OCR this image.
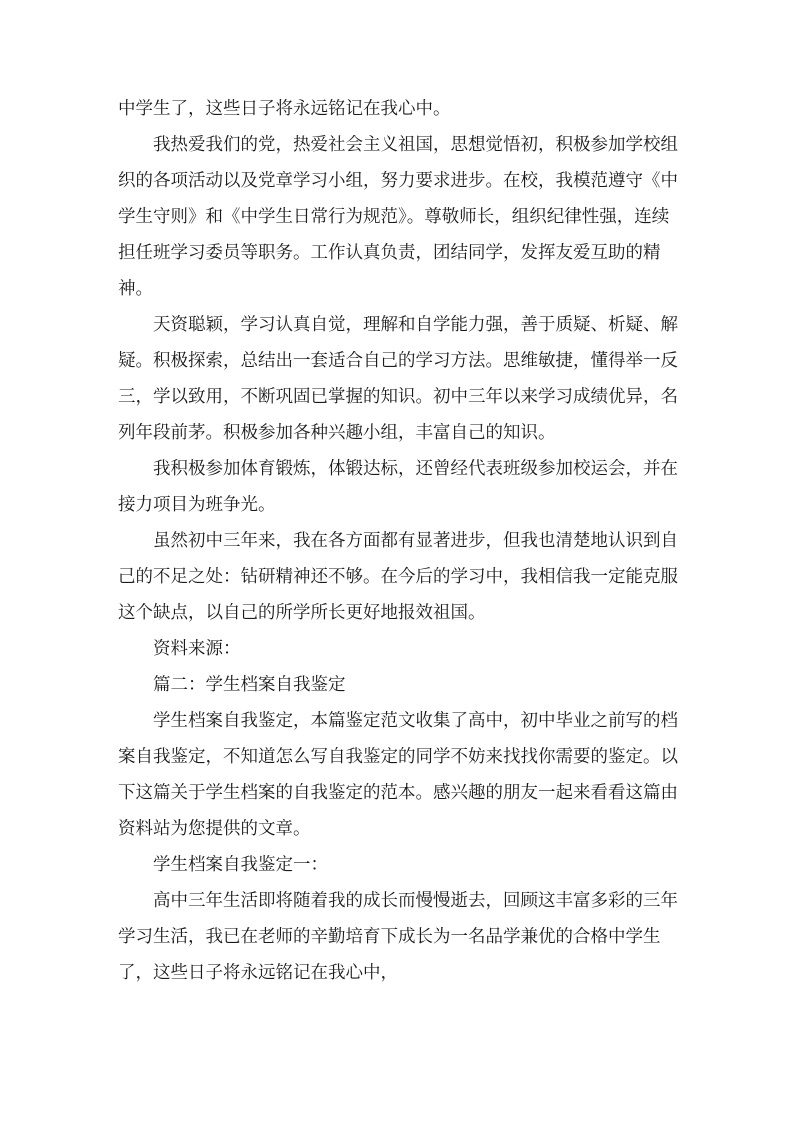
中学生了，这些日子将永远铭记在我心中。

我热爱我们的党，热爱社会主义祖国，思想觉悟初，积极参加学校组织的各项活动以及党章学习小组，努力要求进步。在校，我模范遵守《中学生守则》和《中学生日常行为规范》。尊敬师长，组织纪律性强，连续担任班学习委员等职务。工作认真负责，团结同学，发挥友爱互助的精神。

天资聪颖，学习认真自觉，理解和自学能力强，善于质疑、析疑、解疑。积极探索，总结出一套适合自己的学习方法。思维敏捷，懂得举一反三，学以致用，不断巩固已掌握的知识。初中三年以来学习成绩优异，名列年段前茅。积极参加各种兴趣小组，丰富自己的知识。

我积极参加体育锻炼，体锻达标，还曾经代表班级参加校运会，并在接力项目为班争光。

虽然初中三年来，我在各方面都有显著进步，但我也清楚地认识到自己的不足之处：钻研精神还不够。在今后的学习中，我相信我一定能克服这个缺点，以自己的所学所长更好地报效祖国。

资料来源：

篇二：学生档案自我鉴定

学生档案自我鉴定，本篇鉴定范文收集了高中，初中毕业之前写的档案自我鉴定，不知道怎么写自我鉴定的同学不妨来找找你需要的鉴定。以下这篇关于学生档案的自我鉴定的范本。感兴趣的朋友一起来看看这篇由资料站为您提供的文章。

学生档案自我鉴定一：

高中三年生活即将随着我的成长而慢慢逝去，回顾这丰富多彩的三年学习生活，我已在老师的辛勤培育下成长为一名品学兼优的合格中学生了，这些日子将永远铭记在我心中，
